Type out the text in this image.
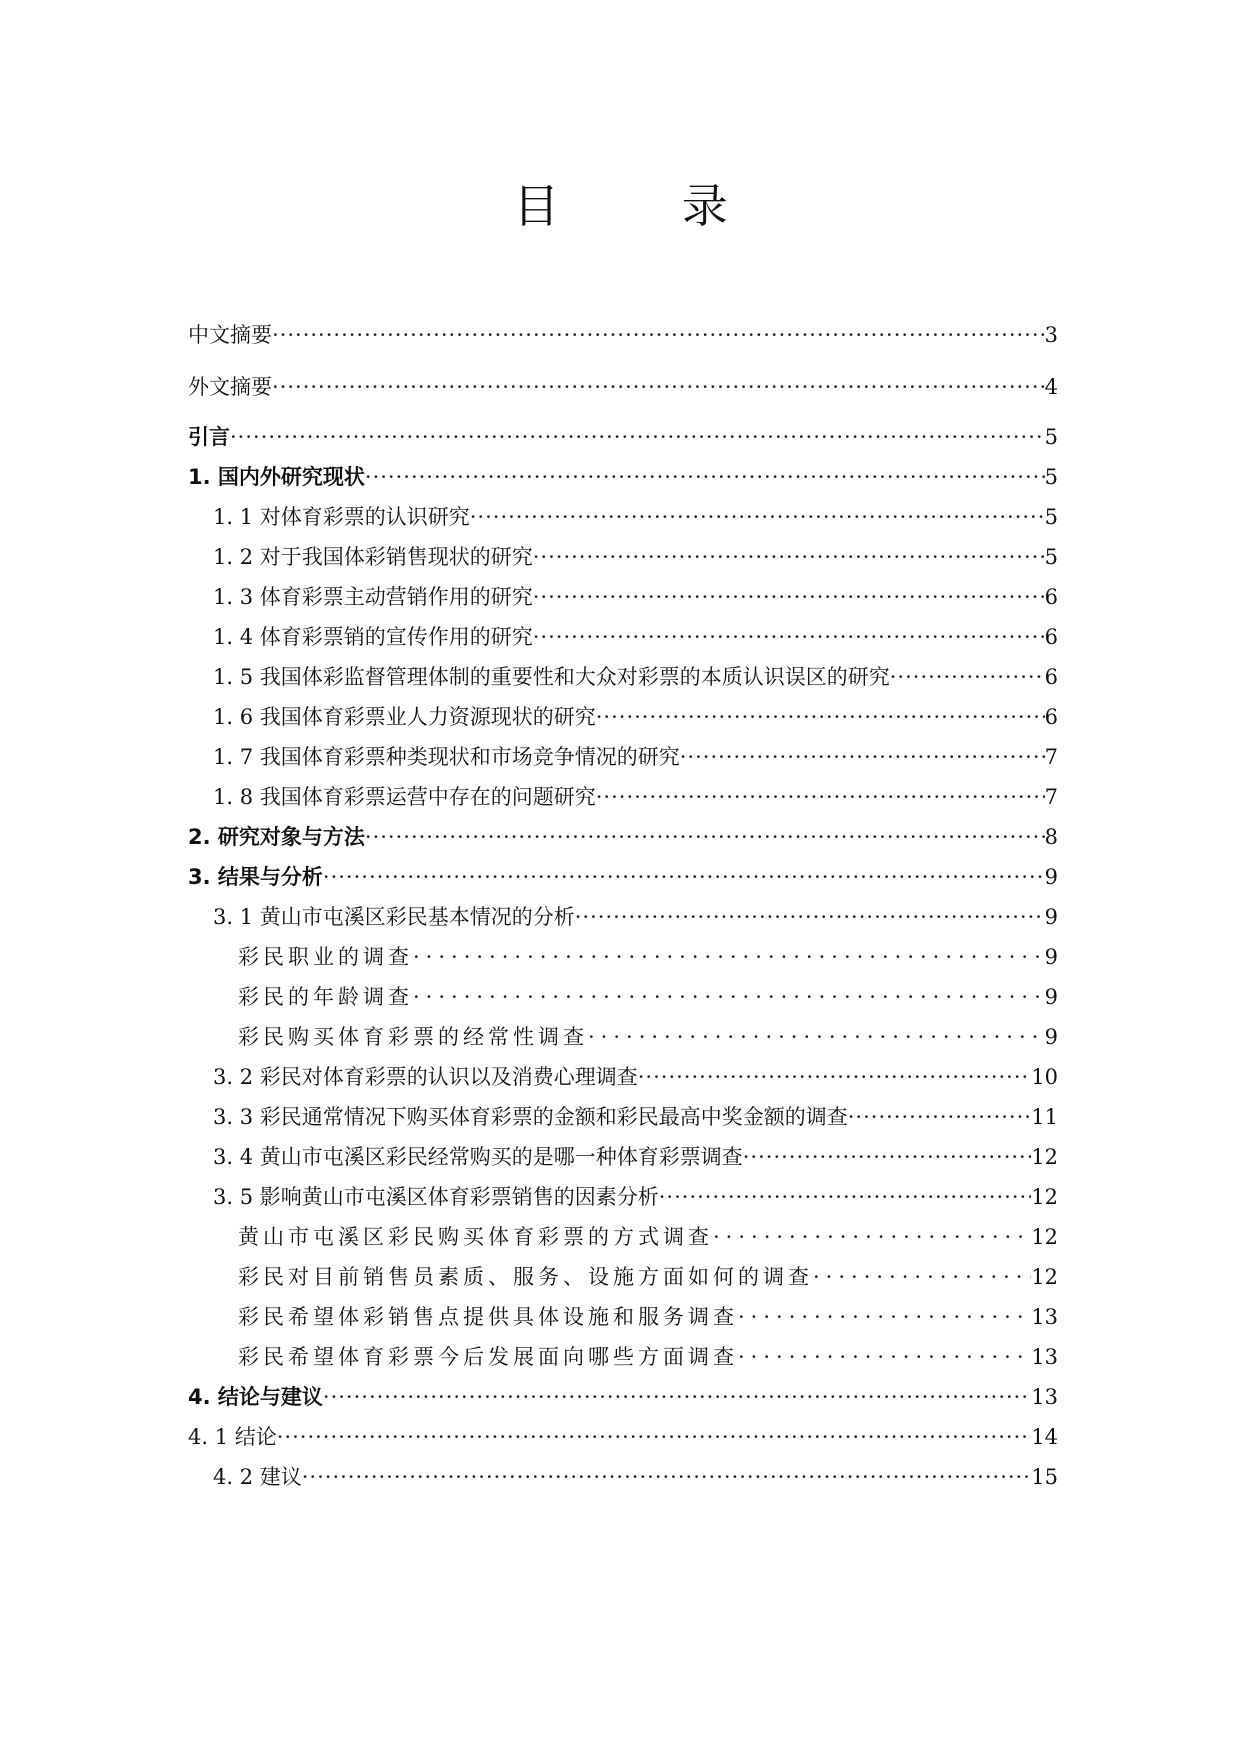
目 录
中文摘要 ·····	3
外文摘要 ·····	4
引言 ·····	5
1. 国内外研究现状 ·····	5
1. 1 对体育彩票的认识研究 ·····	5
1. 2 对于我国体彩销售现状的研究 ·····	5
1. 3 体育彩票主动营销作用的研究 ·····	6
1. 4 体育彩票销的宣传作用的研究 ·····	6
1. 5 我国体彩监督管理体制的重要性和大众对彩票的本质认识误区的研究 ·····	6
1. 6 我国体育彩票业人力资源现状的研究 ·····	6
1. 7 我国体育彩票种类现状和市场竞争情况的研究 ·····	7
1. 8 我国体育彩票运营中存在的问题研究 ·····	7
2. 研究对象与方法 ·····	8
3. 结果与分析 ·····	9
3. 1 黄山市屯溪区彩民基本情况的分析 ·····	9
彩民职业的调查 ·····	9
彩民的年龄调查 ·····	9
彩民购买体育彩票的经常性调查 ·····	9
3. 2 彩民对体育彩票的认识以及消费心理调查 ·····	10
3. 3 彩民通常情况下购买体育彩票的金额和彩民最高中奖金额的调查 ·····	11
3. 4 黄山市屯溪区彩民经常购买的是哪一种体育彩票调查 ·····	12
3. 5 影响黄山市屯溪区体育彩票销售的因素分析 ·····	12
黄山市屯溪区彩民购买体育彩票的方式调查 ·····	12
彩民对目前销售员素质、服务、设施方面如何的调查 ·····	12
彩民希望体彩销售点提供具体设施和服务调查 ·····	13
彩民希望体育彩票今后发展面向哪些方面调查 ·····	13
4. 结论与建议 ·····	13
4. 1 结论 ·····	14
4. 2 建议 ·····	15
